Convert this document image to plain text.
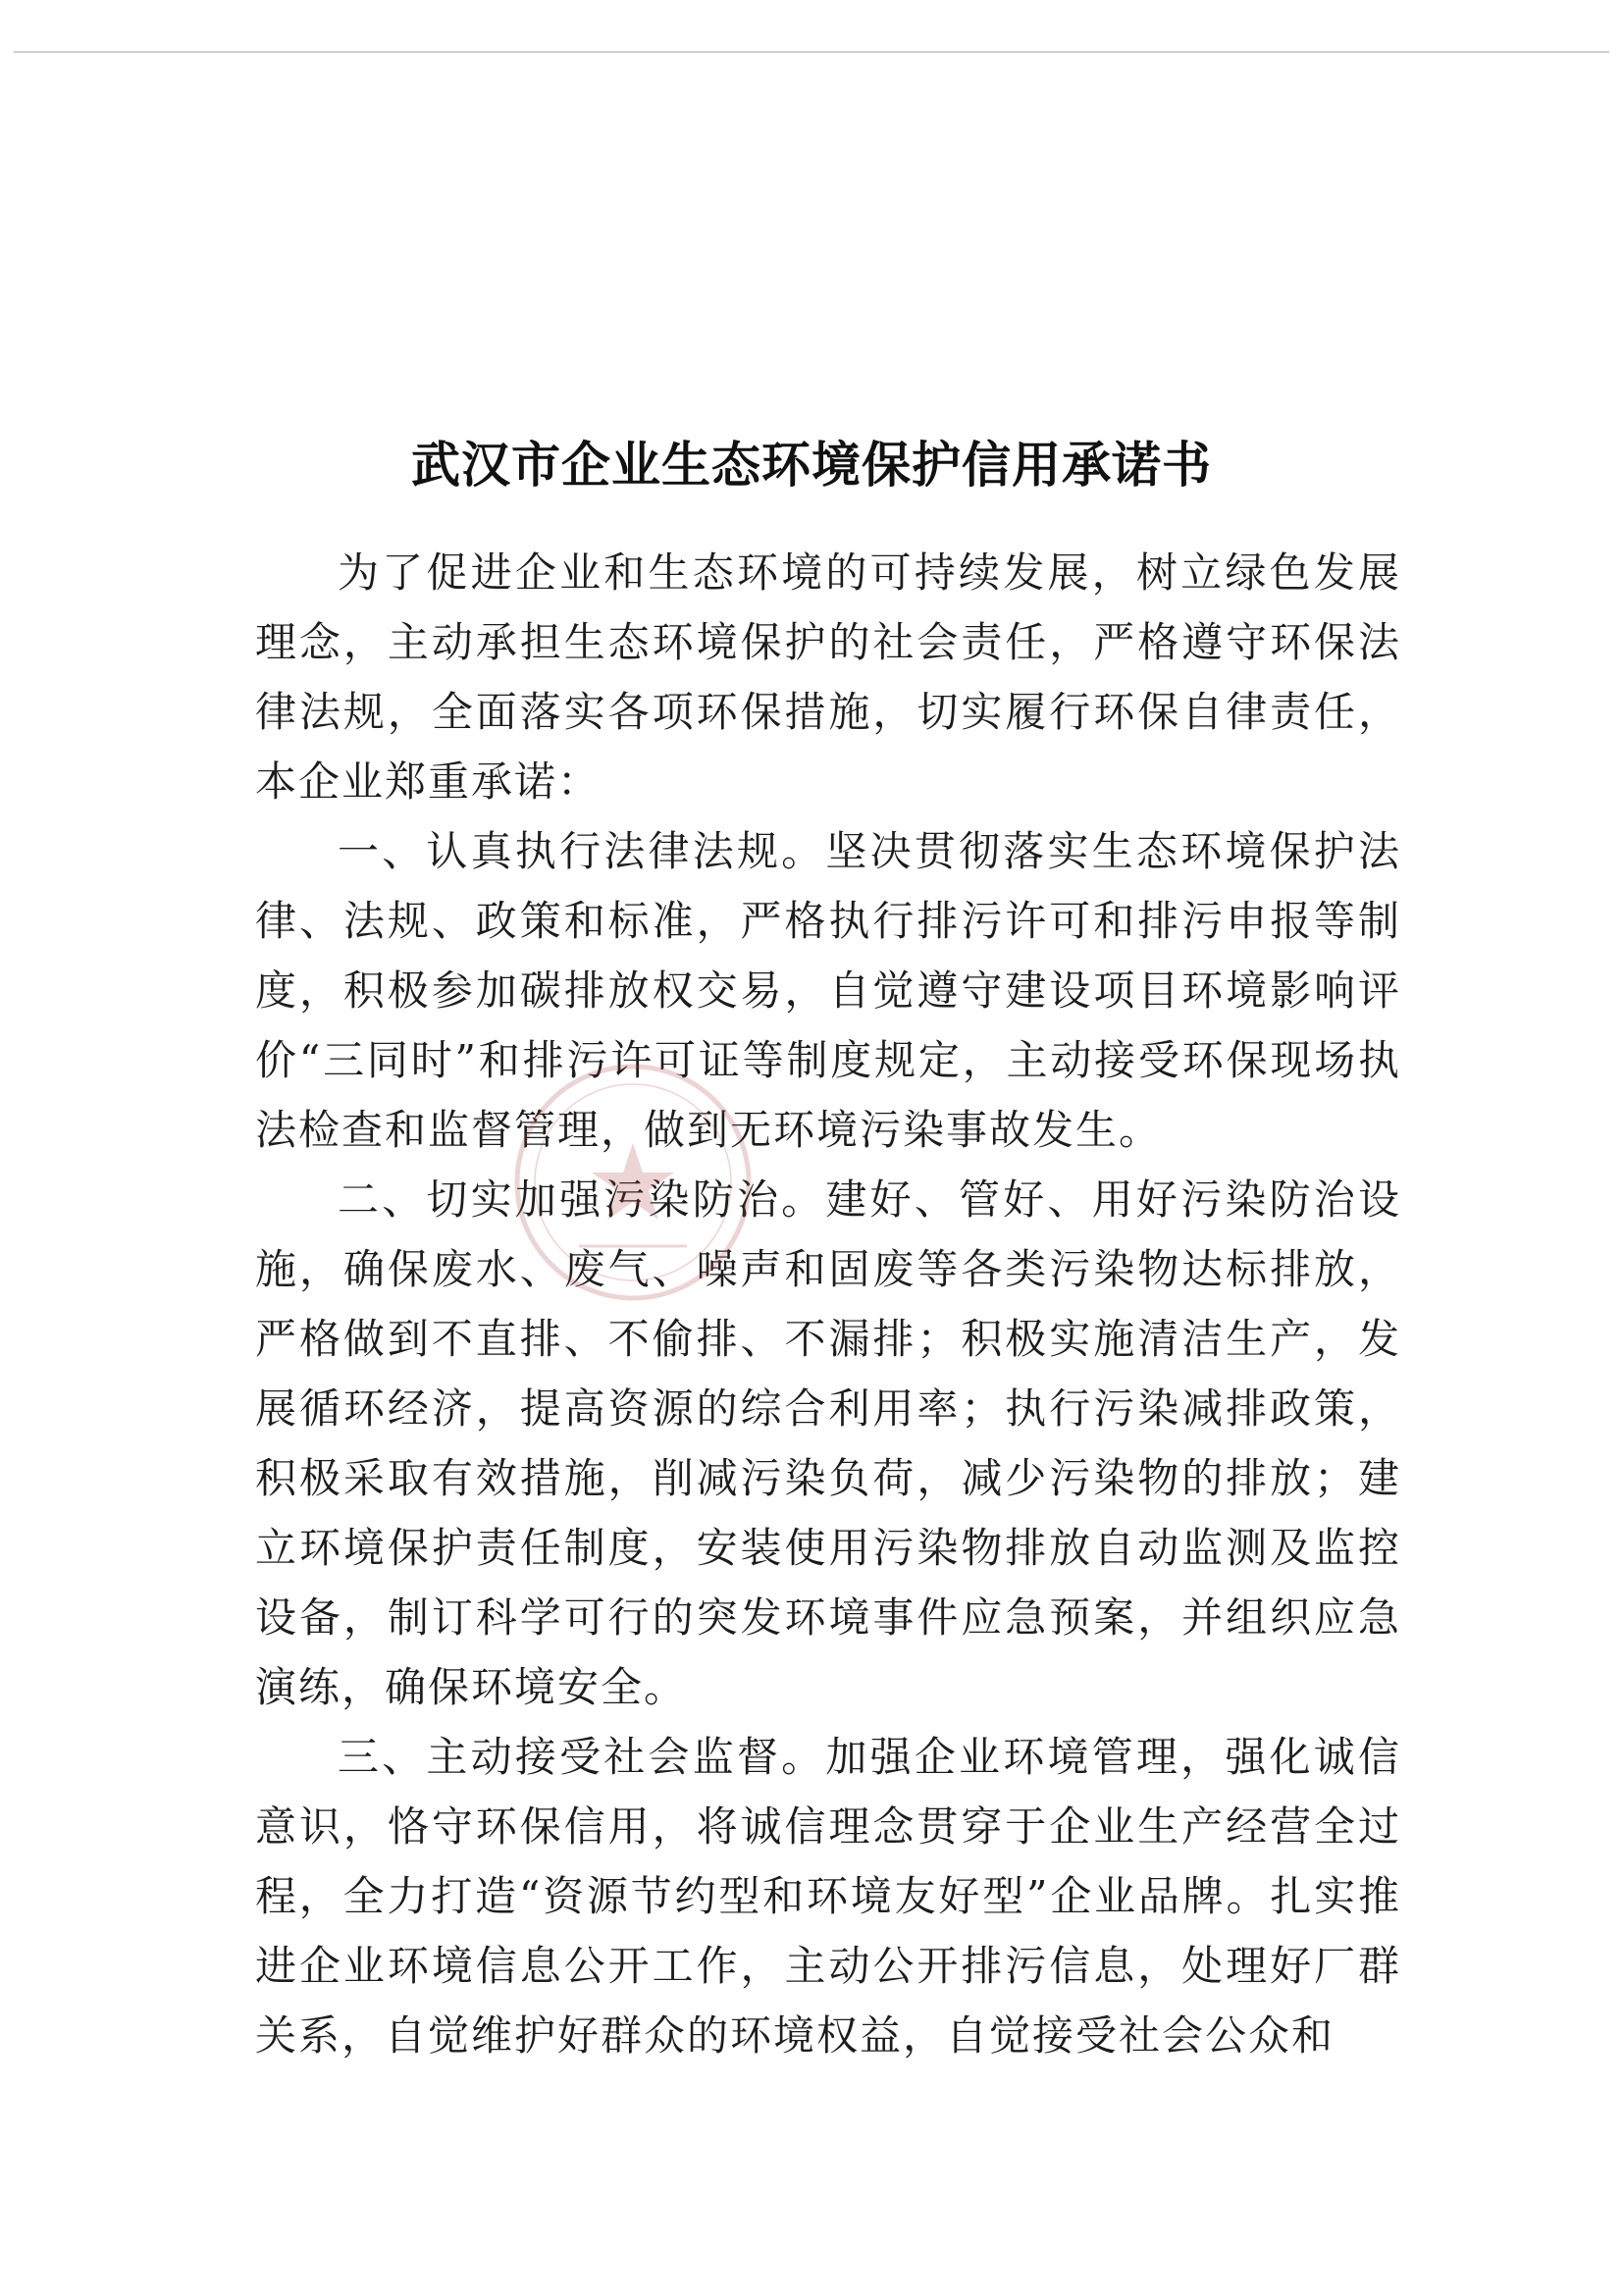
武汉市企业生态环境保护信用承诺书

为了促进企业和生态环境的可持续发展，树立绿色发展理念，主动承担生态环境保护的社会责任，严格遵守环保法律法规，全面落实各项环保措施，切实履行环保自律责任，本企业郑重承诺：

一、认真执行法律法规。坚决贯彻落实生态环境保护法律、法规、政策和标准，严格执行排污许可和排污申报等制度，积极参加碳排放权交易，自觉遵守建设项目环境影响评价“三同时”和排污许可证等制度规定，主动接受环保现场执法检查和监督管理，做到无环境污染事故发生。

二、切实加强污染防治。建好、管好、用好污染防治设施，确保废水、废气、噪声和固废等各类污染物达标排放，严格做到不直排、不偷排、不漏排；积极实施清洁生产，发展循环经济，提高资源的综合利用率；执行污染减排政策，积极采取有效措施，削减污染负荷，减少污染物的排放；建立环境保护责任制度，安装使用污染物排放自动监测及监控设备，制订科学可行的突发环境事件应急预案，并组织应急演练，确保环境安全。

三、主动接受社会监督。加强企业环境管理，强化诚信意识，恪守环保信用，将诚信理念贯穿于企业生产经营全过程，全力打造“资源节约型和环境友好型”企业品牌。扎实推进企业环境信息公开工作，主动公开排污信息，处理好厂群关系，自觉维护好群众的环境权益，自觉接受社会公众和
